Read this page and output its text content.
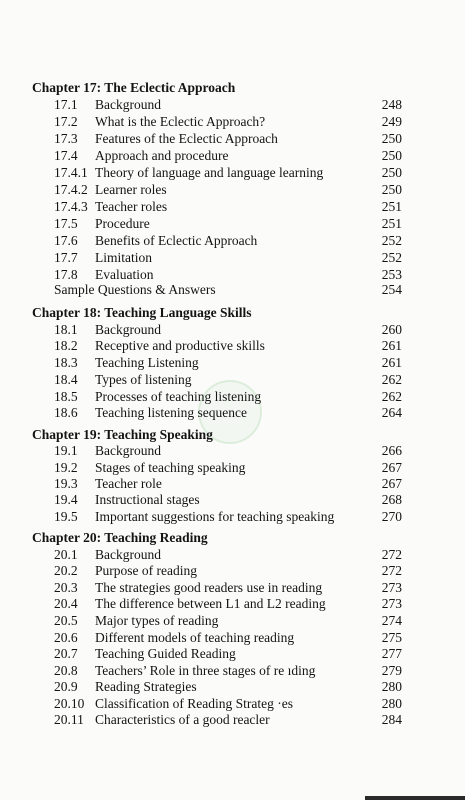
Chapter 17: The Eclectic Approach
17.1 Background	248
17.2 What is the Eclectic Approach?	249
17.3 Features of the Eclectic Approach	250
17.4 Approach and procedure	250
17.4.1 Theory of language and language learning	250
17.4.2 Learner roles	250
17.4.3 Teacher roles	251
17.5 Procedure	251
17.6 Benefits of Eclectic Approach	252
17.7 Limitation	252
17.8 Evaluation	253
Sample Questions & Answers	254
Chapter 18: Teaching Language Skills
18.1 Background	260
18.2 Receptive and productive skills	261
18.3 Teaching Listening	261
18.4 Types of listening	262
18.5 Processes of teaching listening	262
18.6 Teaching listening sequence	264
Chapter 19: Teaching Speaking
19.1 Background	266
19.2 Stages of teaching speaking	267
19.3 Teacher role	267
19.4 Instructional stages	268
19.5 Important suggestions for teaching speaking	270
Chapter 20: Teaching Reading
20.1 Background	272
20.2 Purpose of reading	272
20.3 The strategies good readers use in reading	273
20.4 The difference between L1 and L2 reading	273
20.5 Major types of reading	274
20.6 Different models of teaching reading	275
20.7 Teaching Guided Reading	277
20.8 Teachers’ Role in three stages of re ıding	279
20.9 Reading Strategies	280
20.10 Classification of Reading Strateg ·es	280
20.11 Characteristics of a good reacler	284
